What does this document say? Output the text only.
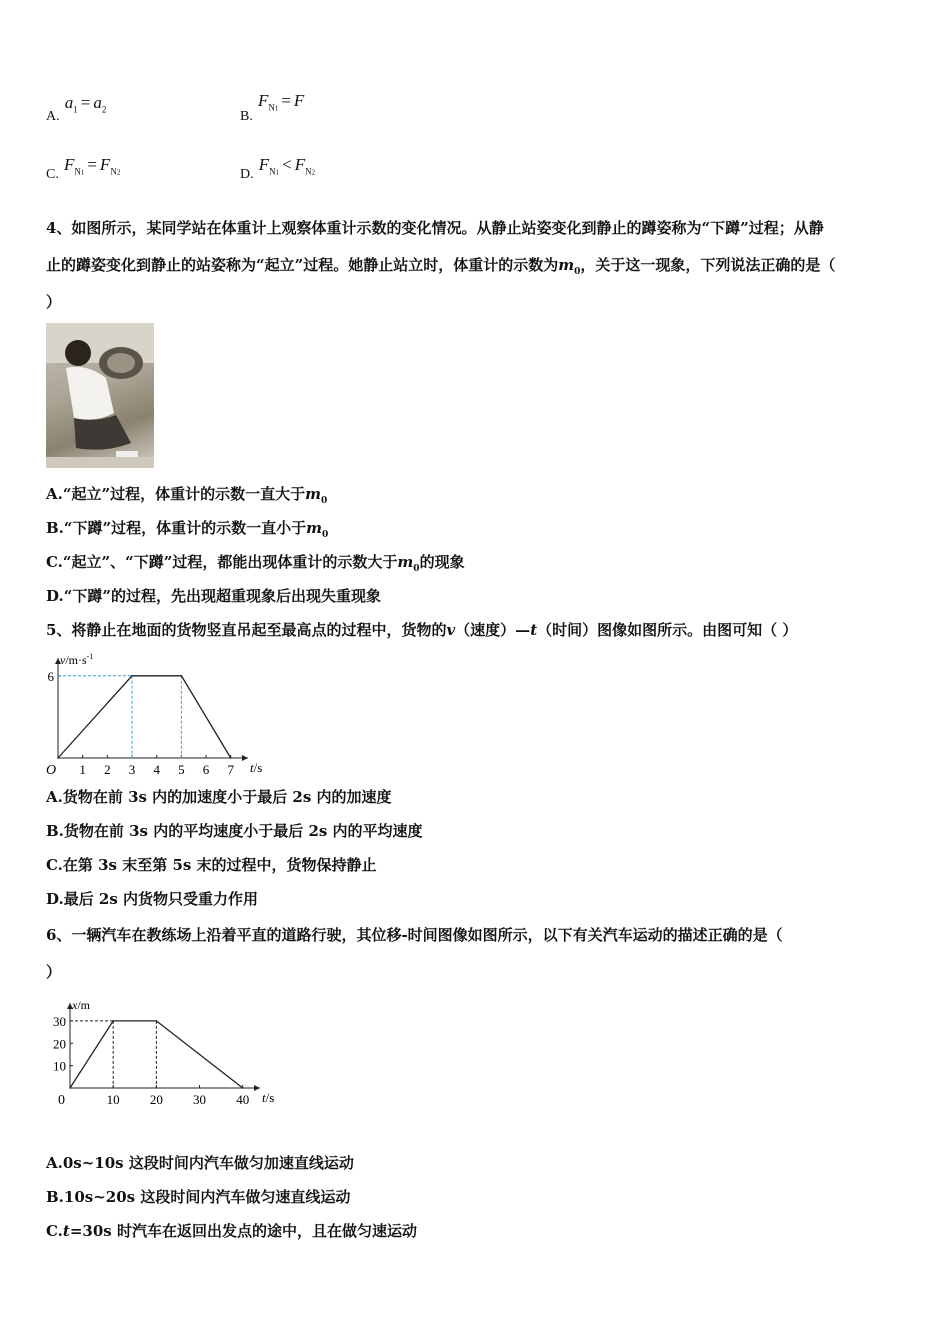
A. $a_1 = a_2$	B. $F_{N1} = F$
C. $F_{N1} = F_{N2}$	D. $F_{N1} < F_{N2}$
4、如图所示，某同学站在体重计上观察体重计示数的变化情况。从静止站姿变化到静止的蹲姿称为“下蹲”过程；从静
止的蹲姿变化到静止的站姿称为“起立”过程。她静止站立时，体重计的示数为$m_0$，关于这一现象，下列说法正确的是（
）
A.“起立”过程，体重计的示数一直大于$m_0$
B.“下蹲”过程，体重计的示数一直小于$m_0$
C.“起立”、“下蹲”过程，都能出现体重计的示数大于$m_0$的现象
D.“下蹲”的过程，先出现超重现象后出现失重现象
5、将静止在地面的货物竖直吊起至最高点的过程中，货物的v（速度）—t（时间）图像如图所示。由图可知（ ）
$v/m\cdot s^{-1}$
t/s
O 1 2 3 4 5 6 7
6
A.货物在前 3s 内的加速度小于最后 2s 内的加速度
B.货物在前 3s 内的平均速度小于最后 2s 内的平均速度
C.在第 3s 末至第 5s 末的过程中，货物保持静止
D.最后 2s 内货物只受重力作用
6、一辆汽车在教练场上沿着平直的道路行驶，其位移-时间图像如图所示，以下有关汽车运动的描述正确的是（
）
x/m
t/s
0	10 20 30 40
10
20
30
A.0s~10s 这段时间内汽车做匀加速直线运动
B.10s~20s 这段时间内汽车做匀速直线运动
C.t=30s 时汽车在返回出发点的途中，且在做匀速运动
